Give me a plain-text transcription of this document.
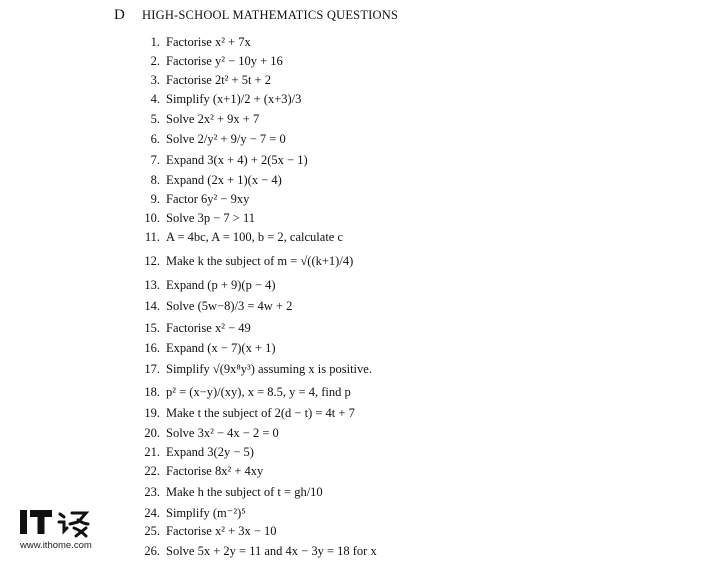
D HIGH-SCHOOL MATHEMATICS QUESTIONS
1. Factorise x² + 7x
2. Factorise y² − 10y + 16
3. Factorise 2t² + 5t + 2
4. Simplify (x+1)/2 + (x+3)/3
5. Solve 2x² + 9x + 7
6. Solve 2/y² + 9/y − 7 = 0
7. Expand 3(x + 4) + 2(5x − 1)
8. Expand (2x + 1)(x − 4)
9. Factor 6y² − 9xy
10. Solve 3p − 7 > 11
11. A = 4bc, A = 100, b = 2, calculate c
12. Make k the subject of m = √((k+1)/4)
13. Expand (p + 9)(p − 4)
14. Solve (5w−8)/3 = 4w + 2
15. Factorise x² − 49
16. Expand (x − 7)(x + 1)
17. Simplify √(9x⁸y³) assuming x is positive.
18. p² = (x−y)/(xy), x = 8.5, y = 4, find p
19. Make t the subject of 2(d − t) = 4t + 7
20. Solve 3x² − 4x − 2 = 0
21. Expand 3(2y − 5)
22. Factorise 8x² + 4xy
23. Make h the subject of t = gh/10
24. Simplify (m⁻²)⁵
25. Factorise x² + 3x − 10
26. Solve 5x + 2y = 11 and 4x − 3y = 18 for x
www.ithome.com
